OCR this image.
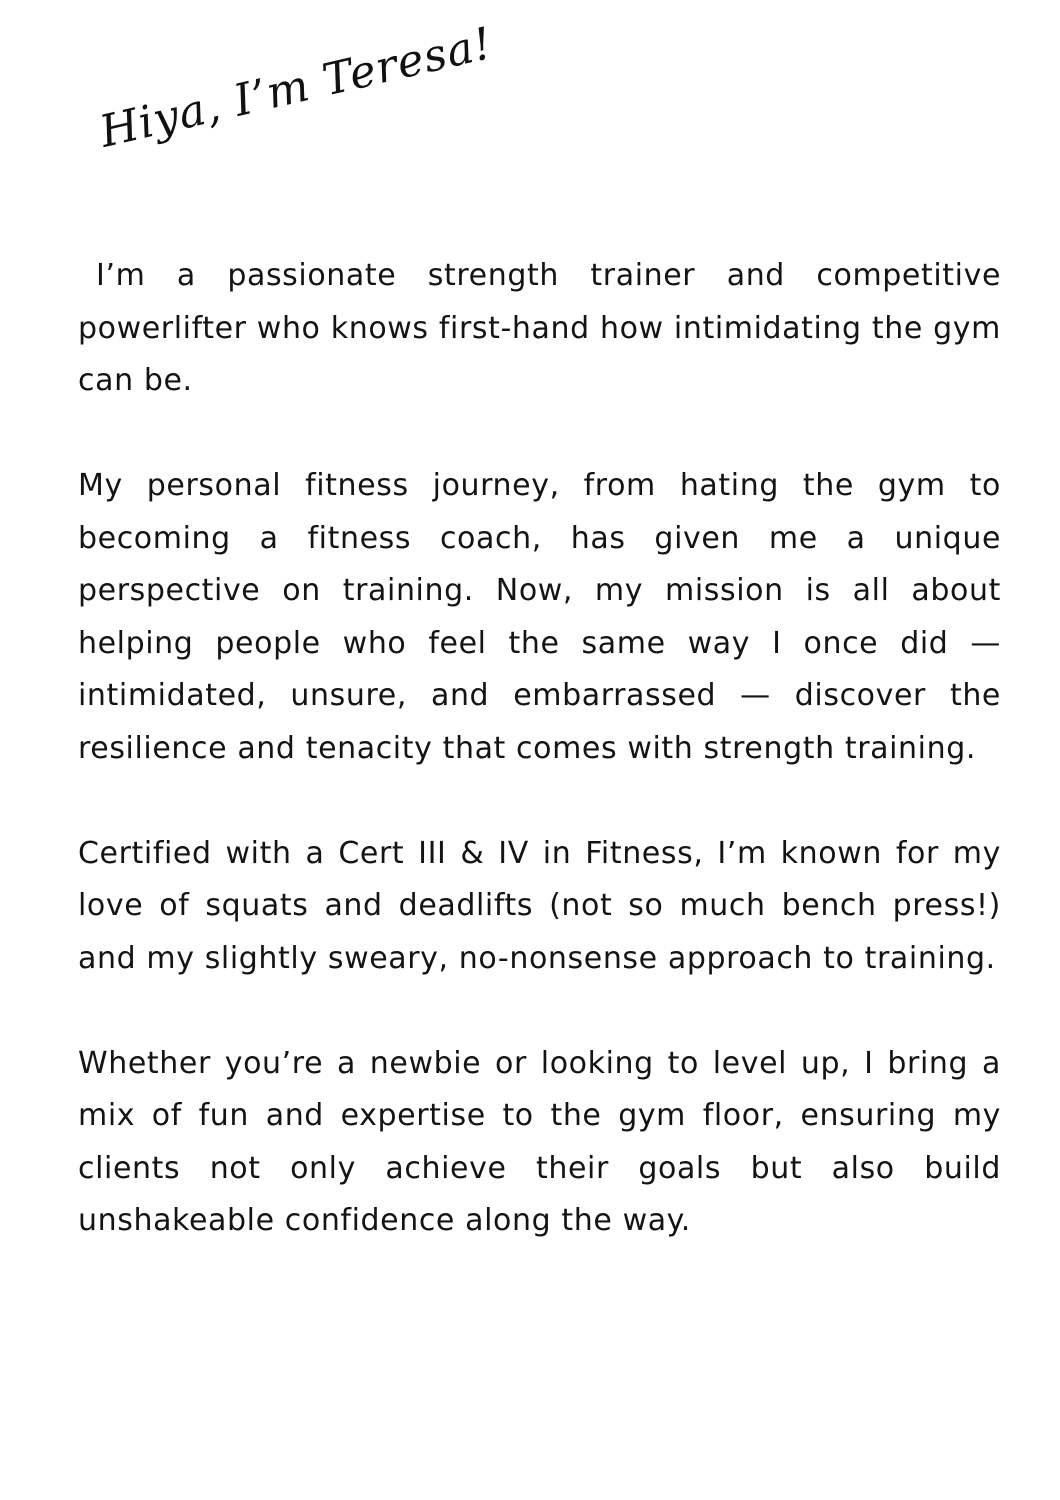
Hiya, I’m Teresa!

I’m a passionate strength trainer and competitive powerlifter who knows first-hand how intimidating the gym can be.

My personal fitness journey, from hating the gym to becoming a fitness coach, has given me a unique perspective on training. Now, my mission is all about helping people who feel the same way I once did — intimidated, unsure, and embarrassed — discover the resilience and tenacity that comes with strength training.

Certified with a Cert III & IV in Fitness, I’m known for my love of squats and deadlifts (not so much bench press!) and my slightly sweary, no-nonsense approach to training.

Whether you’re a newbie or looking to level up, I bring a mix of fun and expertise to the gym floor, ensuring my clients not only achieve their goals but also build unshakeable confidence along the way.
